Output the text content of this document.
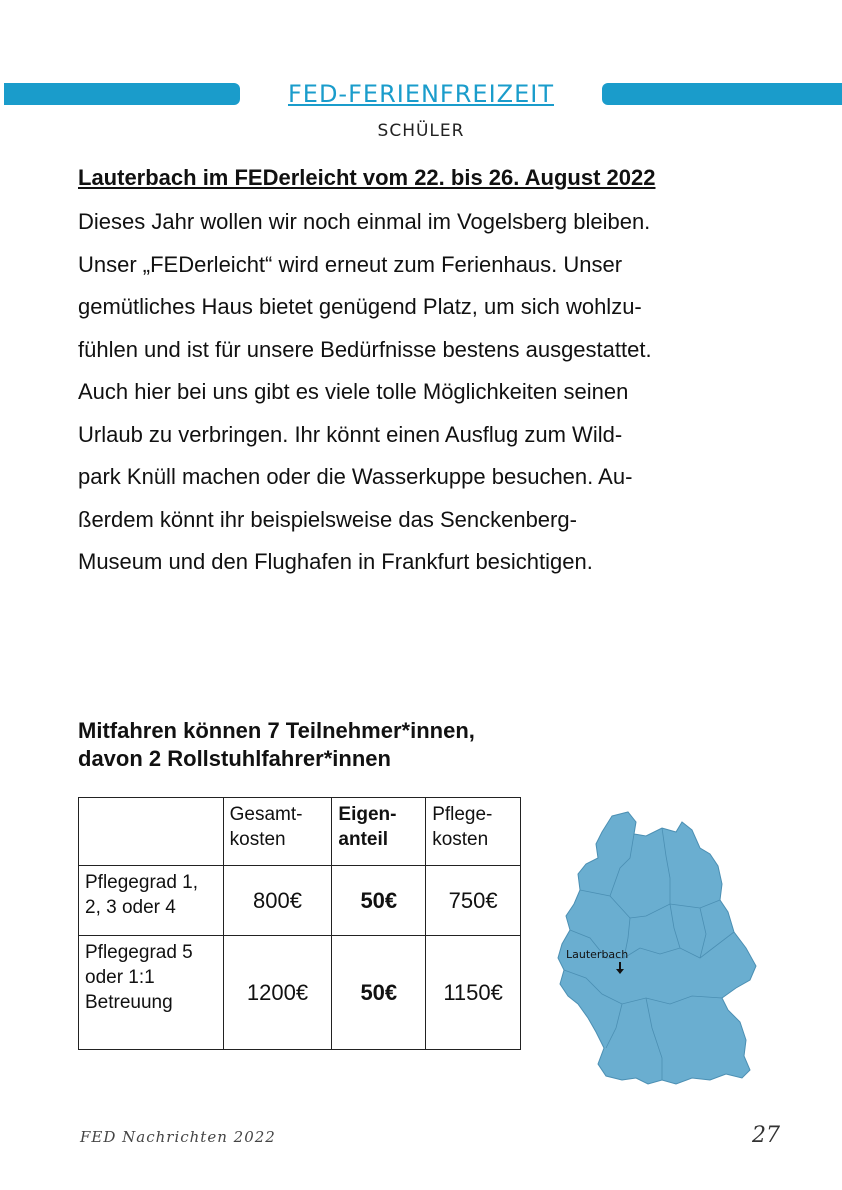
FED-FERIENFREIZEIT
SCHÜLER
Lauterbach im FEDerleicht vom 22. bis 26. August 2022

Dieses Jahr wollen wir noch einmal im Vogelsberg bleiben.
Unser „FEDerleicht“ wird erneut zum Ferienhaus. Unser
gemütliches Haus bietet genügend Platz, um sich wohlzu-
fühlen und ist für unsere Bedürfnisse bestens ausgestattet.
Auch hier bei uns gibt es viele tolle Möglichkeiten seinen
Urlaub zu verbringen. Ihr könnt einen Ausflug zum Wild-
park Knüll machen oder die Wasserkuppe besuchen. Au-
ßerdem könnt ihr beispielsweise das Senckenberg-
Museum und den Flughafen in Frankfurt besichtigen.

Mitfahren können 7 Teilnehmer*innen,
davon 2 Rollstuhlfahrer*innen
	Gesamt-
kosten	Eigen-
anteil	Pflege-
kosten
Pflegegrad 1,
2, 3 oder 4	800€	50€	750€
Pflegegrad 5
oder 1:1
Betreuung	1200€	50€	1150€
Lauterbach
FED Nachrichten 2022	27
